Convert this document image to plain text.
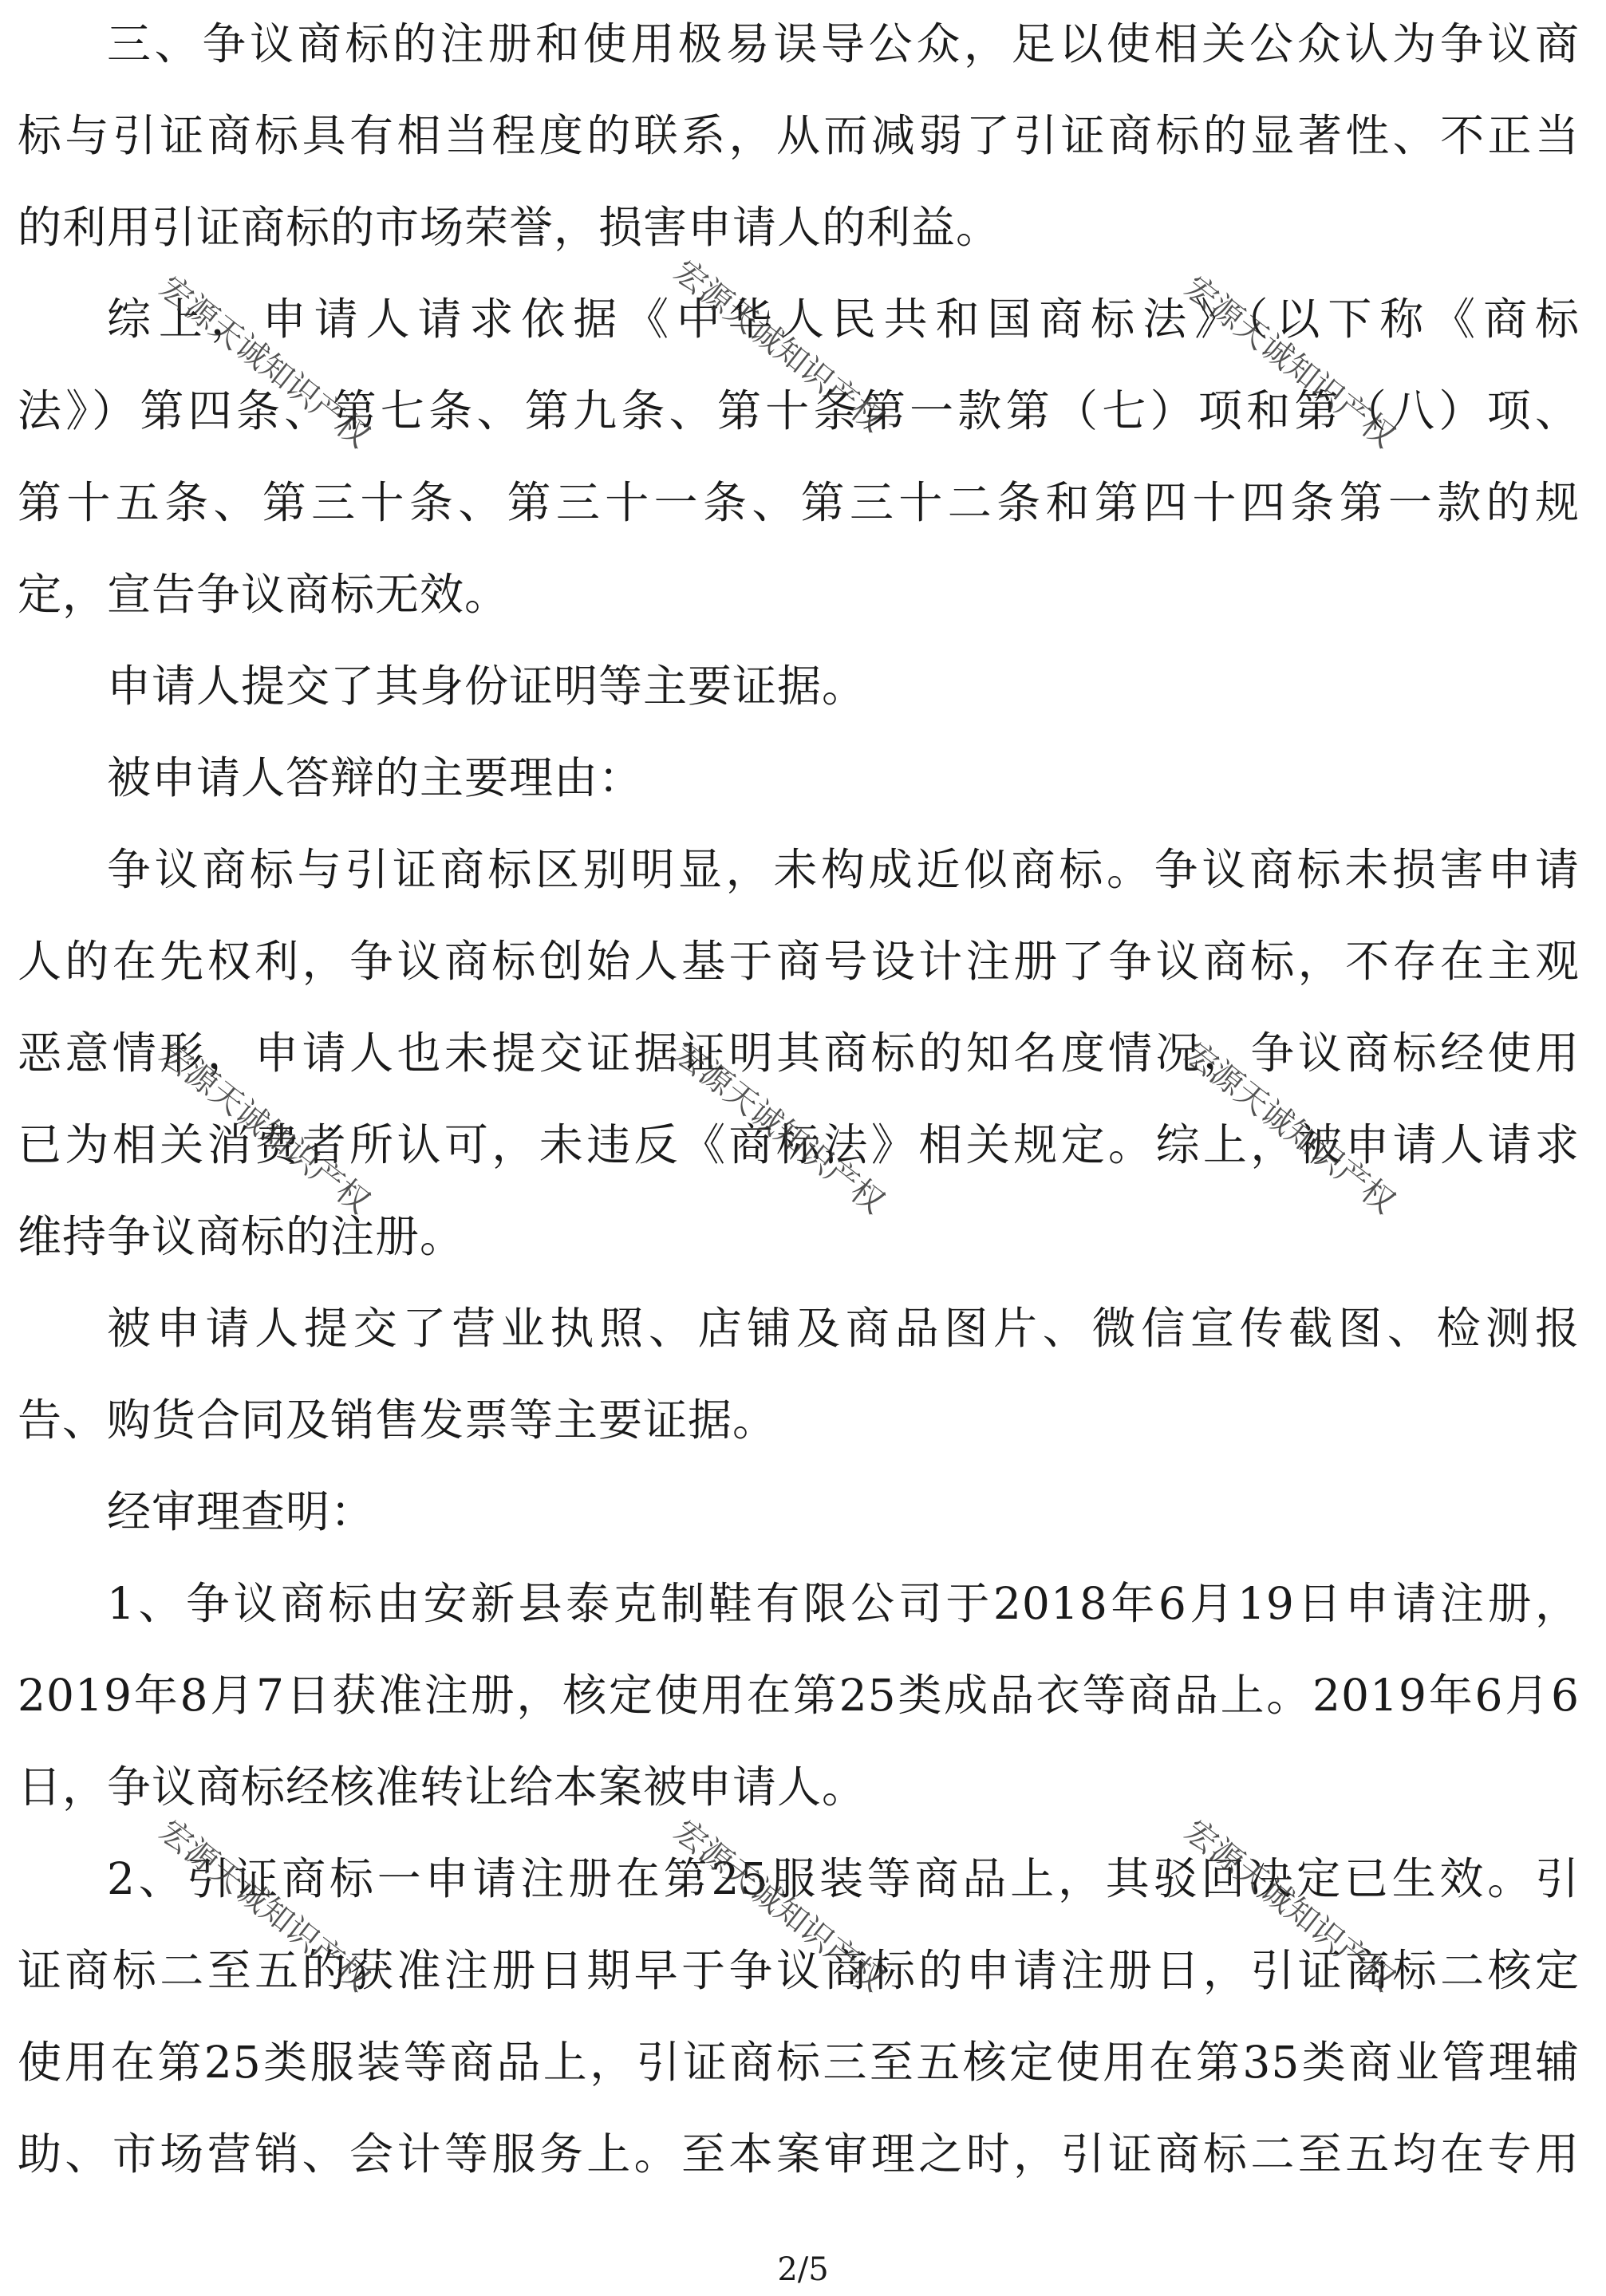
三、争议商标的注册和使用极易误导公众，足以使相关公众认为争议商
标与引证商标具有相当程度的联系，从而减弱了引证商标的显著性、不正当
的利用引证商标的市场荣誉，损害申请人的利益。
综上，申请人请求依据《中华人民共和国商标法》（以下称《商标
法》）第四条、第七条、第九条、第十条第一款第（七）项和第（八）项、
第十五条、第三十条、第三十一条、第三十二条和第四十四条第一款的规
定，宣告争议商标无效。
申请人提交了其身份证明等主要证据。
被申请人答辩的主要理由：
争议商标与引证商标区别明显，未构成近似商标。争议商标未损害申请
人的在先权利，争议商标创始人基于商号设计注册了争议商标，不存在主观
恶意情形，申请人也未提交证据证明其商标的知名度情况，争议商标经使用
已为相关消费者所认可，未违反《商标法》相关规定。综上，被申请人请求
维持争议商标的注册。
被申请人提交了营业执照、店铺及商品图片、微信宣传截图、检测报
告、购货合同及销售发票等主要证据。
经审理查明：
1、争议商标由安新县泰克制鞋有限公司于2018年6月19日申请注册，
2019年8月7日获准注册，核定使用在第25类成品衣等商品上。2019年6月6
日，争议商标经核准转让给本案被申请人。
2、引证商标一申请注册在第25服装等商品上，其驳回决定已生效。引
证商标二至五的获准注册日期早于争议商标的申请注册日，引证商标二核定
使用在第25类服装等商品上，引证商标三至五核定使用在第35类商业管理辅
助、市场营销、会计等服务上。至本案审理之时，引证商标二至五均在专用
2/5
宏源天诚知识产权	宏源天诚知识产权	宏源天诚知识产权
宏源天诚知识产权	宏源天诚知识产权	宏源天诚知识产权
宏源天诚知识产权	宏源天诚知识产权	宏源天诚知识产权
